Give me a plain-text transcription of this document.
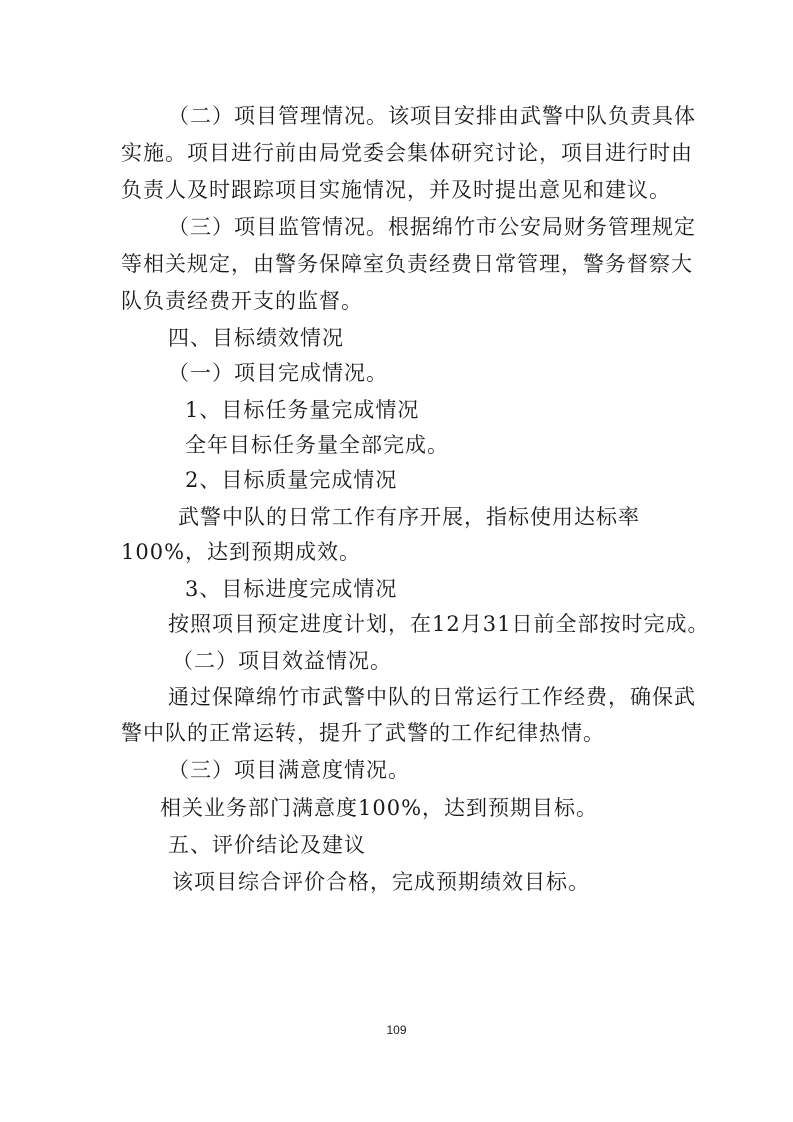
（二）项目管理情况。该项目安排由武警中队负责具体
实施。项目进行前由局党委会集体研究讨论，项目进行时由
负责人及时跟踪项目实施情况，并及时提出意见和建议。
（三）项目监管情况。根据绵竹市公安局财务管理规定
等相关规定，由警务保障室负责经费日常管理，警务督察大
队负责经费开支的监督。
四、目标绩效情况
（一）项目完成情况。
1、目标任务量完成情况
全年目标任务量全部完成。
2、目标质量完成情况
武警中队的日常工作有序开展，指标使用达标率
100%，达到预期成效。
3、目标进度完成情况
按照项目预定进度计划，在12月31日前全部按时完成。
（二）项目效益情况。
通过保障绵竹市武警中队的日常运行工作经费，确保武
警中队的正常运转，提升了武警的工作纪律热情。
（三）项目满意度情况。
相关业务部门满意度100%，达到预期目标。
五、评价结论及建议
该项目综合评价合格，完成预期绩效目标。
109
